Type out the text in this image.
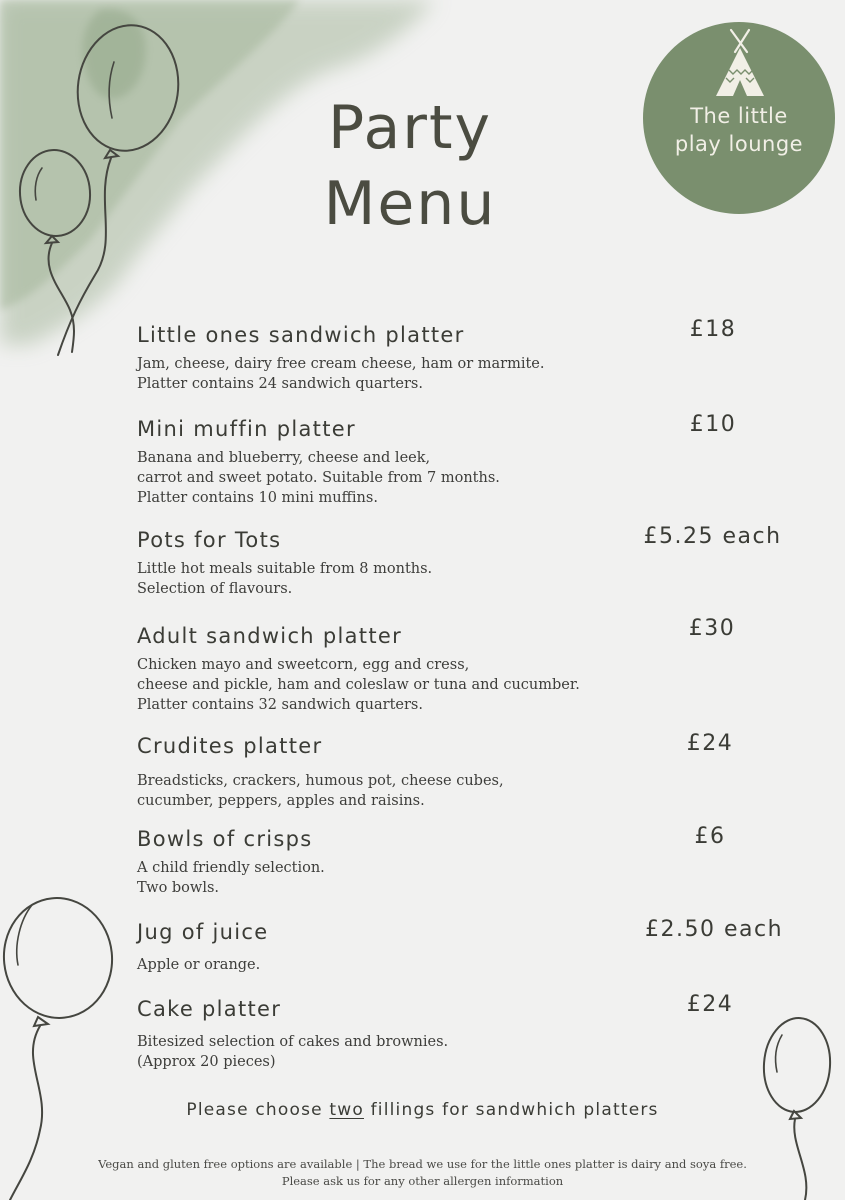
Party
Menu
The little
play lounge
Little ones sandwich platter
Jam, cheese, dairy free cream cheese, ham or marmite.
Platter contains 24 sandwich quarters.
£18
Mini muffin platter
Banana and blueberry, cheese and leek,
carrot and sweet potato. Suitable from 7 months.
Platter contains 10 mini muffins.
£10
Pots for Tots
Little hot meals suitable from 8 months.
Selection of flavours.
£5.25 each
Adult sandwich platter
Chicken mayo and sweetcorn, egg and cress,
cheese and pickle, ham and coleslaw or tuna and cucumber.
Platter contains 32 sandwich quarters.
£30
Crudites platter
Breadsticks, crackers, humous pot, cheese cubes,
cucumber, peppers, apples and raisins.
£24
Bowls of crisps
A child friendly selection.
Two bowls.
£6
Jug of juice
Apple or orange.
£2.50 each
Cake platter
Bitesized selection of cakes and brownies.
(Approx 20 pieces)
£24
Please choose two fillings for sandwhich platters
Vegan and gluten free options are available | The bread we use for the little ones platter is dairy and soya free.
Please ask us for any other allergen information
